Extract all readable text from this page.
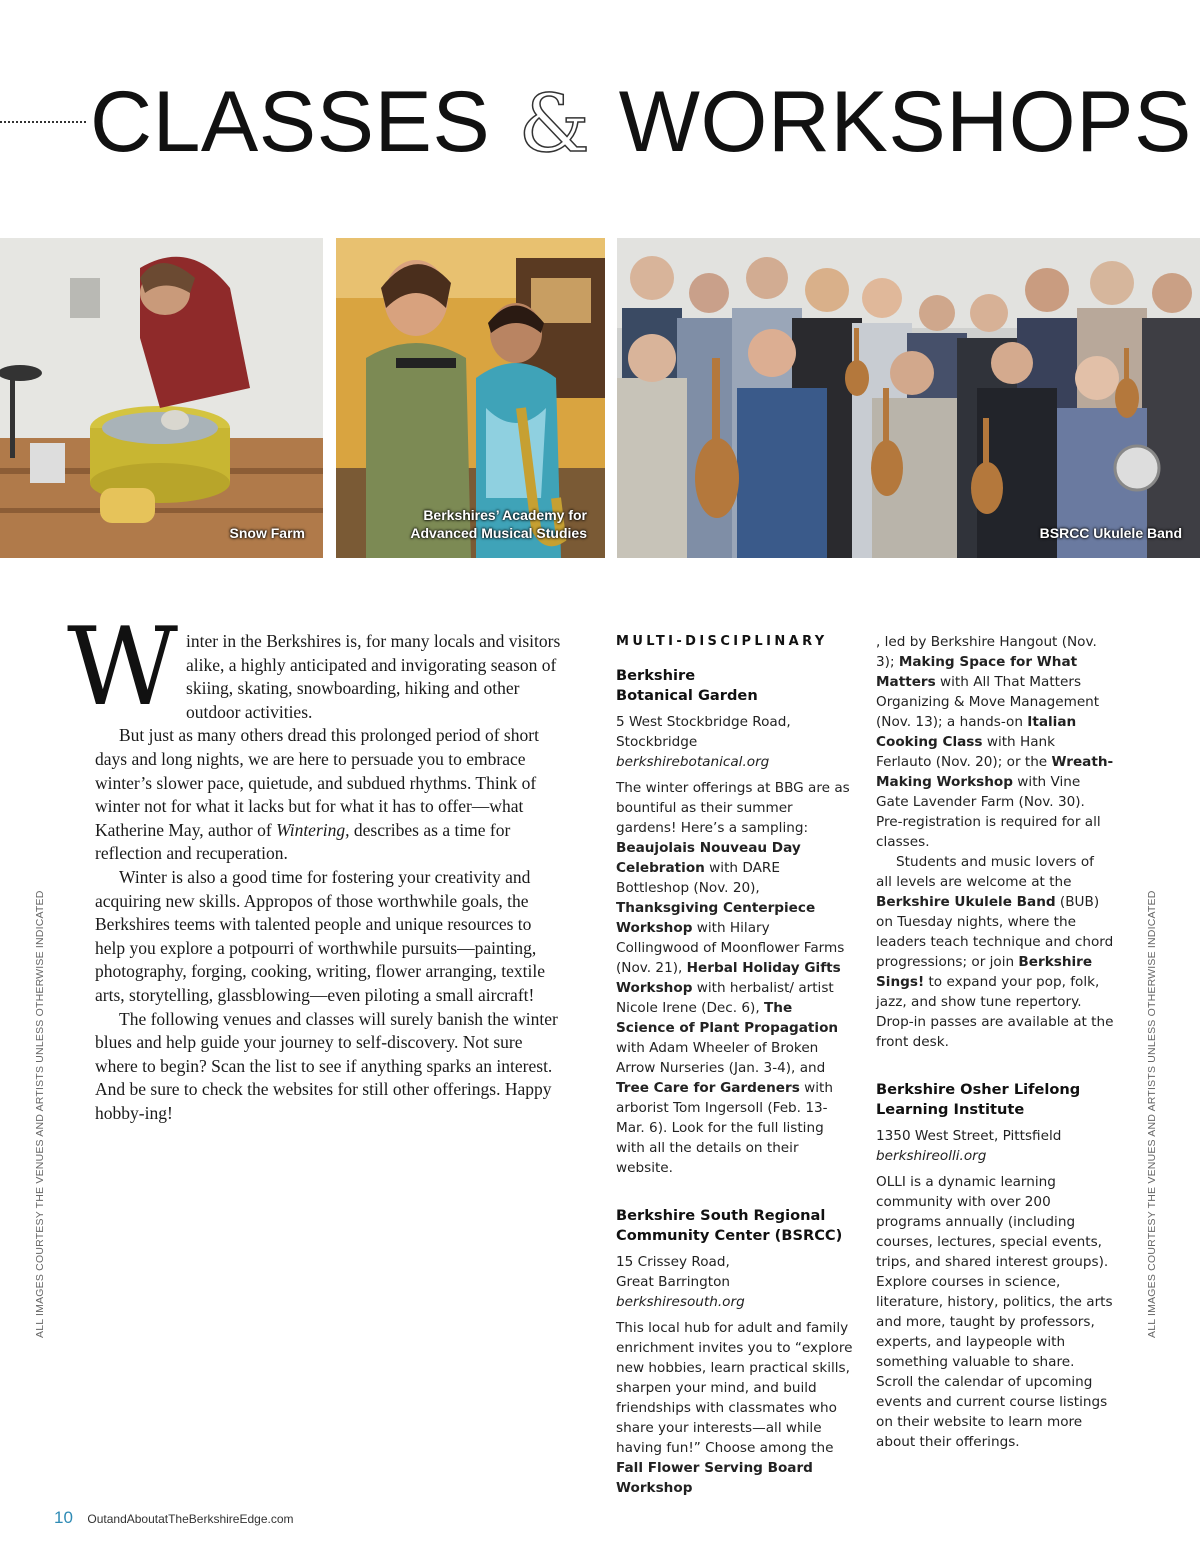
CLASSES & WORKSHOPS
Snow Farm
Berkshires’ Academy for
Advanced Musical Studies	BSRCC Ukulele Band

Winter in the Berkshires is, for many locals and visitors alike, a highly anticipated and invigorating season of skiing, skating, snowboarding, hiking and other outdoor activities.

But just as many others dread this prolonged period of short days and long nights, we are here to persuade you to embrace winter’s slower pace, quietude, and subdued rhythms. Think of winter not for what it lacks but for what it has to offer—what Katherine May, author of Wintering, describes as a time for reflection and recuperation.

Winter is also a good time for fostering your creativity and acquiring new skills. Appropos of those worthwhile goals, the Berkshires teems with talented people and unique resources to help you explore a potpourri of worthwhile pursuits—painting, photography, forging, cooking, writing, flower arranging, textile arts, storytelling, glassblowing—even piloting a small aircraft!

The following venues and classes will surely banish the winter blues and help guide your journey to self-discovery. Not sure where to begin? Scan the list to see if anything sparks an interest. And be sure to check the websites for still other offerings. Happy hobby-ing!

MULTI-DISCIPLINARY
Berkshire
Botanical Garden

5 West Stockbridge Road,
Stockbridge

berkshirebotanical.org

The winter offerings at BBG are as bountiful as their summer gardens! Here’s a sampling: Beaujolais Nouveau Day Celebration with DARE Bottleshop (Nov. 20), Thanksgiving Centerpiece Workshop with Hilary Collingwood of Moonflower Farms (Nov. 21), Herbal Holiday Gifts Workshop with herbalist/ artist Nicole Irene (Dec. 6), The Science of Plant Propagation with Adam Wheeler of Broken Arrow Nurseries (Jan. 3-4), and Tree Care for Gardeners with arborist Tom Ingersoll (Feb. 13-Mar. 6). Look for the full listing with all the details on their website.

Berkshire South Regional
Community Center (BSRCC)

15 Crissey Road,
Great Barrington

berkshiresouth.org

This local hub for adult and family enrichment invites you to “explore new hobbies, learn practical skills, sharpen your mind, and build friendships with classmates who share your interests—all while having fun!” Choose among the Fall Flower Serving Board Workshop

, led by Berkshire Hangout (Nov. 3); Making Space for What Matters with All That Matters Organizing & Move Management (Nov. 13); a hands-on Italian Cooking Class with Hank Ferlauto (Nov. 20); or the Wreath-Making Workshop with Vine Gate Lavender Farm (Nov. 30). Pre-registration is required for all classes.

Students and music lovers of all levels are welcome at the Berkshire Ukulele Band (BUB) on Tuesday nights, where the leaders teach technique and chord progressions; or join Berkshire Sings! to expand your pop, folk, jazz, and show tune repertory. Drop-in passes are available at the front desk.

Berkshire Osher Lifelong
Learning Institute

1350 West Street, Pittsfield

berkshireolli.org

OLLI is a dynamic learning community with over 200 programs annually (including courses, lectures, special events, trips, and shared interest groups). Explore courses in science, literature, history, politics, the arts and more, taught by professors, experts, and laypeople with something valuable to share. Scroll the calendar of upcoming events and current course listings on their website to learn more about their offerings.

ALL IMAGES COURTESY THE VENUES AND ARTISTS UNLESS OTHERWISE INDICATED	ALL IMAGES COURTESY THE VENUES AND ARTISTS UNLESS OTHERWISE INDICATED
10 OutandAboutatTheBerkshireEdge.com
